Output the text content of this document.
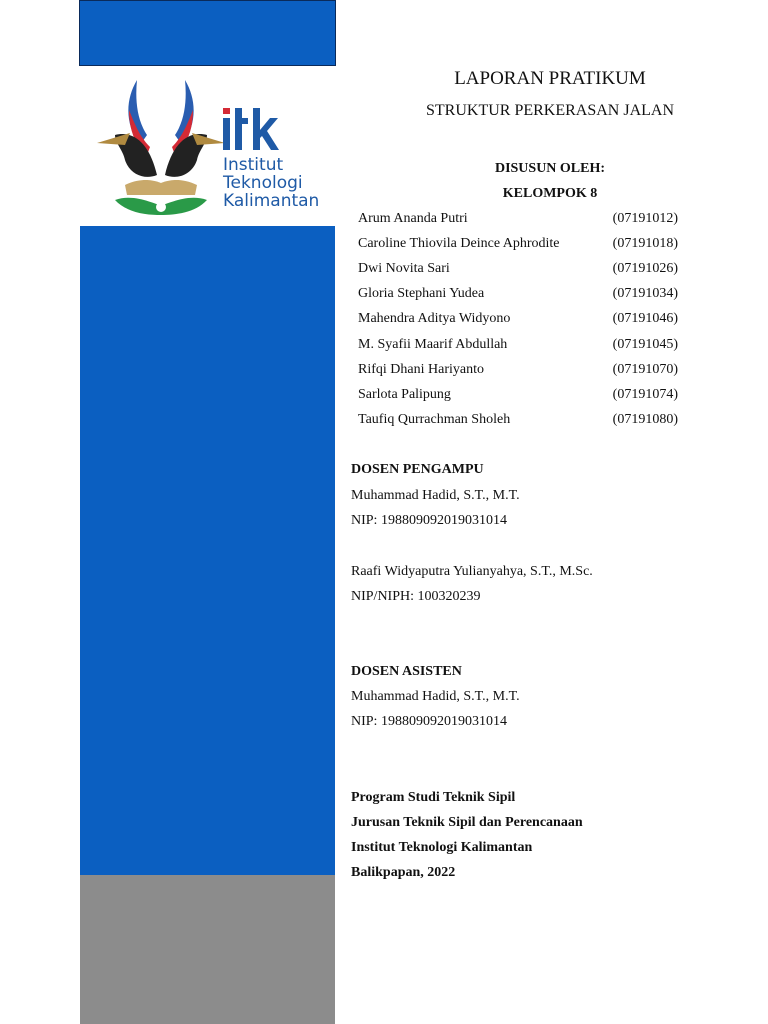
Institut
Teknologi
Kalimantan
LAPORAN PRATIKUM
STRUKTUR PERKERASAN JALAN
DISUSUN OLEH:
KELOMPOK 8
Arum Ananda Putri	(07191012)
Caroline Thiovila Deince Aphrodite	(07191018)
Dwi Novita Sari	(07191026)
Gloria Stephani Yudea	(07191034)
Mahendra Aditya Widyono	(07191046)
M. Syafii Maarif Abdullah	(07191045)
Rifqi Dhani Hariyanto	(07191070)
Sarlota Palipung	(07191074)
Taufiq Qurrachman Sholeh	(07191080)
DOSEN PENGAMPU
Muhammad Hadid, S.T., M.T.
NIP: 198809092019031014
Raafi Widyaputra Yulianyahya, S.T., M.Sc.
NIP/NIPH: 100320239
DOSEN ASISTEN
Muhammad Hadid, S.T., M.T.
NIP: 198809092019031014
Program Studi Teknik Sipil
Jurusan Teknik Sipil dan Perencanaan
Institut Teknologi Kalimantan
Balikpapan, 2022
